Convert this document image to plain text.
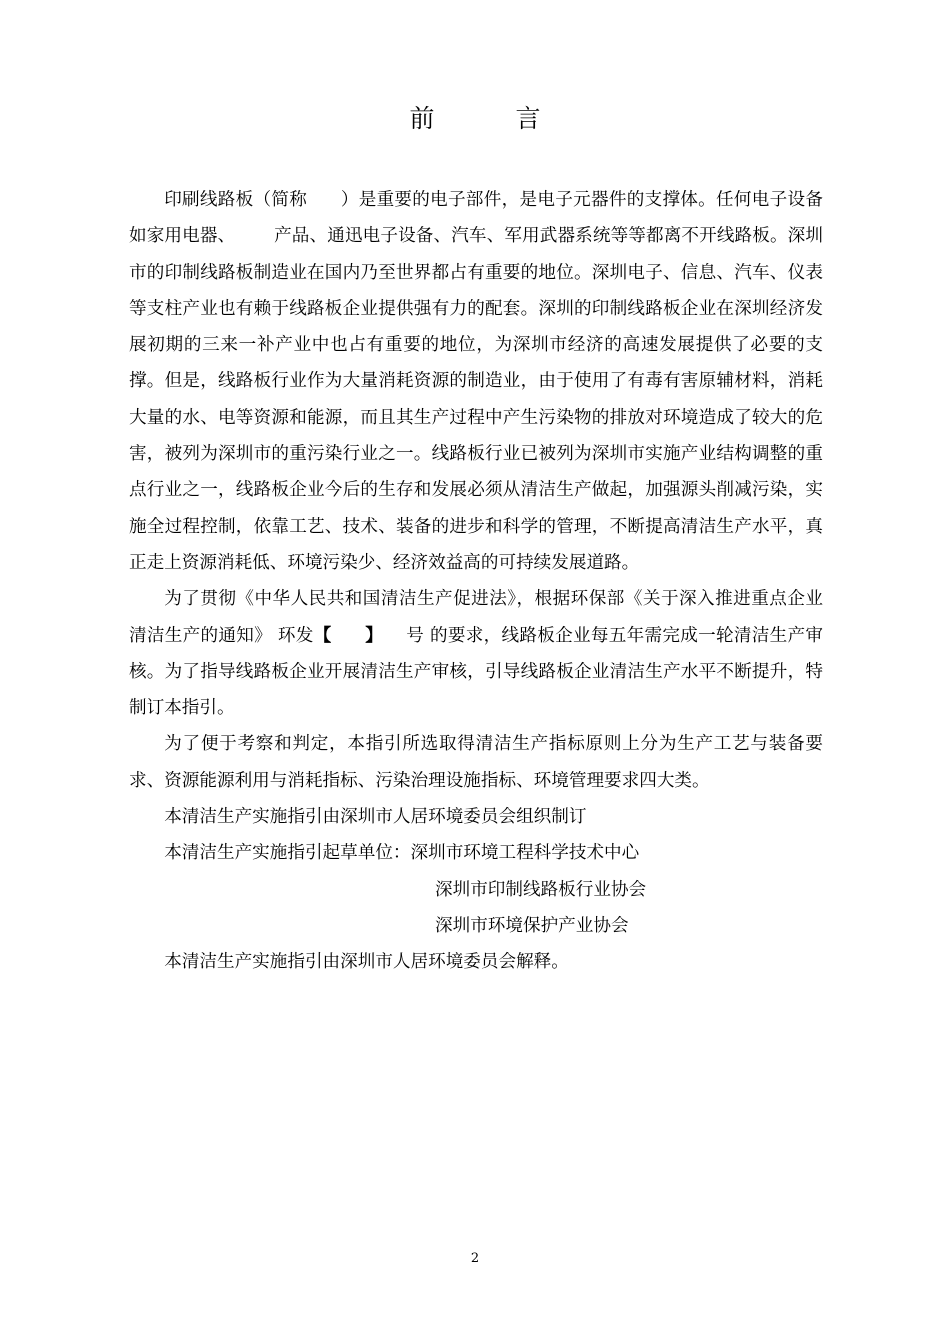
前　言

印刷线路板（简称 ）是重要的电子部件，是电子元器件的支撑体。任何电子设备如家用电器、 产品、通迅电子设备、汽车、军用武器系统等等都离不开线路板。深圳市的印制线路板制造业在国内乃至世界都占有重要的地位。深圳电子、信息、汽车、仪表等支柱产业也有赖于线路板企业提供强有力的配套。深圳的印制线路板企业在深圳经济发展初期的三来一补产业中也占有重要的地位，为深圳市经济的高速发展提供了必要的支撑。但是，线路板行业作为大量消耗资源的制造业，由于使用了有毒有害原辅材料，消耗大量的水、电等资源和能源，而且其生产过程中产生污染物的排放对环境造成了较大的危害，被列为深圳市的重污染行业之一。线路板行业已被列为深圳市实施产业结构调整的重点行业之一，线路板企业今后的生存和发展必须从清洁生产做起，加强源头削减污染，实施全过程控制，依靠工艺、技术、装备的进步和科学的管理，不断提高清洁生产水平，真正走上资源消耗低、环境污染少、经济效益高的可持续发展道路。

为了贯彻《中华人民共和国清洁生产促进法》，根据环保部《关于深入推进重点企业清洁生产的通知》 环发【 】 号 的要求，线路板企业每五年需完成一轮清洁生产审核。为了指导线路板企业开展清洁生产审核，引导线路板企业清洁生产水平不断提升，特制订本指引。

为了便于考察和判定，本指引所选取得清洁生产指标原则上分为生产工艺与装备要求、资源能源利用与消耗指标、污染治理设施指标、环境管理要求四大类。

本清洁生产实施指引由深圳市人居环境委员会组织制订

本清洁生产实施指引起草单位：深圳市环境工程科学技术中心

深圳市印制线路板行业协会

深圳市环境保护产业协会

本清洁生产实施指引由深圳市人居环境委员会解释。

2
